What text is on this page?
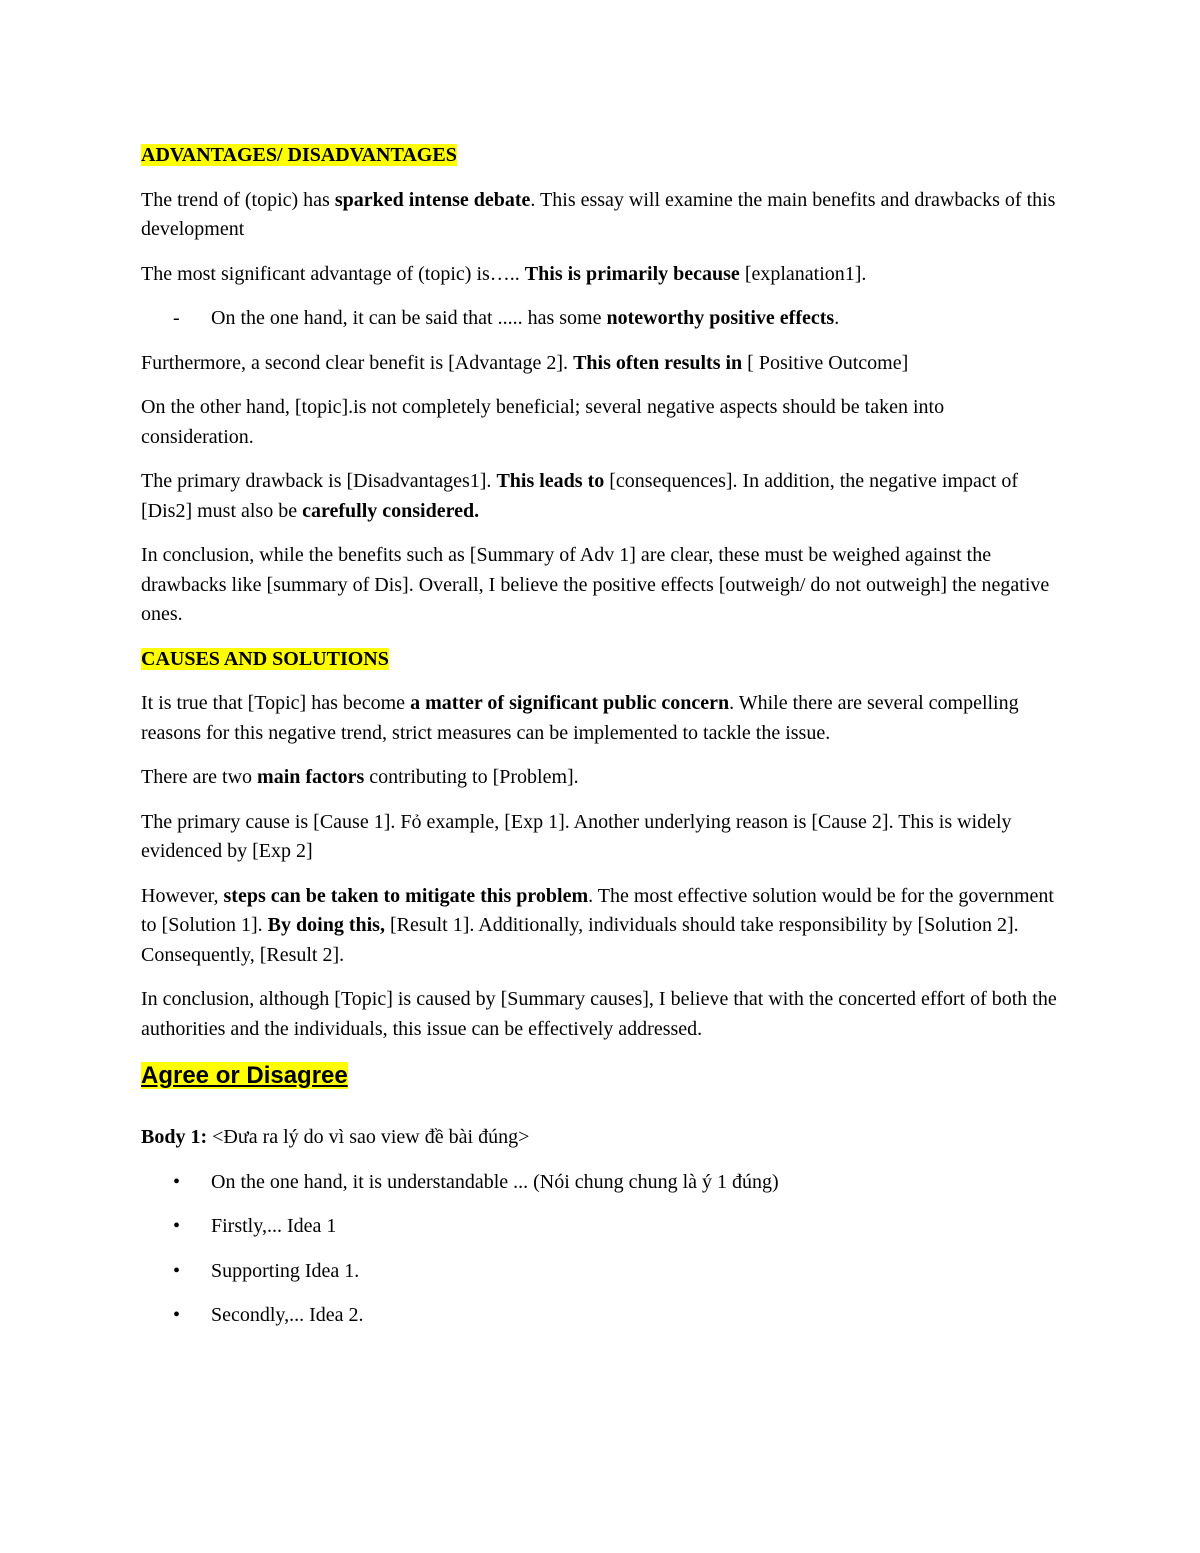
ADVANTAGES/ DISADVANTAGES

The trend of (topic) has sparked intense debate. This essay will examine the main benefits and drawbacks of this development

The most significant advantage of (topic) is….. This is primarily because [explanation1].

- On the one hand, it can be said that ..... has some noteworthy positive effects.

Furthermore, a second clear benefit is [Advantage 2]. This often results in [ Positive Outcome]

On the other hand, [topic].is not completely beneficial; several negative aspects should be taken into consideration.

The primary drawback is [Disadvantages1]. This leads to [consequences]. In addition, the negative impact of [Dis2] must also be carefully considered.

In conclusion, while the benefits such as [Summary of Adv 1] are clear, these must be weighed against the drawbacks like [summary of Dis]. Overall, I believe the positive effects [outweigh/ do not outweigh] the negative ones.

CAUSES AND SOLUTIONS

It is true that [Topic] has become a matter of significant public concern. While there are several compelling reasons for this negative trend, strict measures can be implemented to tackle the issue.

There are two main factors contributing to [Problem].

The primary cause is [Cause 1]. Fỏ example, [Exp 1]. Another underlying reason is [Cause 2]. This is widely evidenced by [Exp 2]

However, steps can be taken to mitigate this problem. The most effective solution would be for the government to [Solution 1]. By doing this, [Result 1]. Additionally, individuals should take responsibility by [Solution 2]. Consequently, [Result 2].

In conclusion, although [Topic] is caused by [Summary causes], I believe that with the concerted effort of both the authorities and the individuals, this issue can be effectively addressed.

Agree or Disagree

Body 1: <Đưa ra lý do vì sao view đề bài đúng>

• On the one hand, it is understandable ... (Nói chung chung là ý 1 đúng)
• Firstly,... Idea 1
• Supporting Idea 1.
• Secondly,... Idea 2.
